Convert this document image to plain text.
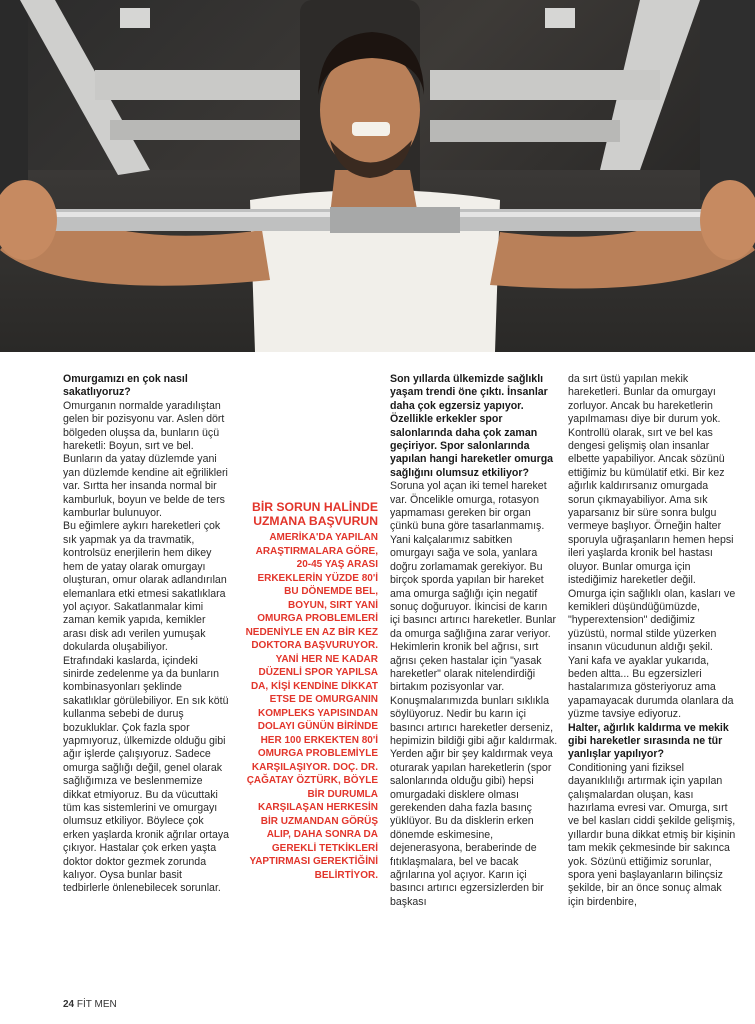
Omurgamızı en çok nasıl sakatlıyoruz?

Omurganın normalde yaradılıştan gelen bir pozisyonu var. Aslen dört bölgeden oluşsa da, bunların üçü hareketli: Boyun, sırt ve bel. Bunların da yatay düzlemde yani yan düzlemde kendine ait eğrilikleri var. Sırtta her insanda normal bir kamburluk, boyun ve belde de ters kamburlar bulunuyor.

Bu eğimlere aykırı hareketleri çok sık yapmak ya da travmatik, kontrolsüz enerjilerin hem dikey hem de yatay olarak omurgayı oluşturan, omur olarak adlandırılan elemanlara etki etmesi sakatlıklara yol açıyor. Sakatlanmalar kimi zaman kemik yapıda, kemikler arası disk adı verilen yumuşak dokularda oluşabiliyor.

Etrafındaki kaslarda, içindeki sinirde zedelenme ya da bunların kombinasyonları şeklinde sakatlıklar görülebiliyor. En sık kötü kullanma sebebi de duruş bozukluklar. Çok fazla spor yapmıyoruz, ülkemizde olduğu gibi ağır işlerde çalışıyoruz. Sadece omurga sağlığı değil, genel olarak sağlığımıza ve beslenmemize dikkat etmiyoruz. Bu da vücuttaki tüm kas sistemlerini ve omurgayı olumsuz etkiliyor. Böylece çok erken yaşlarda kronik ağrılar ortaya çıkıyor. Hastalar çok erken yaşta doktor doktor gezmek zorunda kalıyor. Oysa bunlar basit tedbirlerle önlenebilecek sorunlar.

BİR SORUN HALİNDE UZMANA BAŞVURUN
AMERİKA'DA YAPILAN ARAŞTIRMALARA GÖRE, 20-45 YAŞ ARASI ERKEKLERİN YÜZDE 80'İ BU DÖNEMDE BEL, BOYUN, SIRT YANİ OMURGA PROBLEMLERİ NEDENİYLE EN AZ BİR KEZ DOKTORA BAŞVURUYOR. YANİ HER NE KADAR DÜZENLİ SPOR YAPILSA DA, KİŞİ KENDİNE DİKKAT ETSE DE OMURGANIN KOMPLEKS YAPISINDAN DOLAYI GÜNÜN BİRİNDE HER 100 ERKEKTEN 80'İ OMURGA PROBLEMİYLE KARŞILAŞIYOR. DOÇ. DR. ÇAĞATAY ÖZTÜRK, BÖYLE BİR DURUMLA KARŞILAŞAN HERKESİN BİR UZMANDAN GÖRÜŞ ALIP, DAHA SONRA DA GEREKLİ TETKİKLERİ YAPTIRMASI GEREKTİĞİNİ BELİRTİYOR.
Son yıllarda ülkemizde sağlıklı yaşam trendi öne çıktı. İnsanlar daha çok egzersiz yapıyor. Özellikle erkekler spor salonlarında daha çok zaman geçiriyor. Spor salonlarında yapılan hangi hareketler omurga sağlığını olumsuz etkiliyor?

Soruna yol açan iki temel hareket var. Öncelikle omurga, rotasyon yapmaması gereken bir organ çünkü buna göre tasarlanmamış. Yani kalçalarımız sabitken omurgayı sağa ve sola, yanlara doğru zorlamamak gerekiyor. Bu birçok sporda yapılan bir hareket ama omurga sağlığı için negatif sonuç doğuruyor. İkincisi de karın içi basıncı artırıcı hareketler. Bunlar da omurga sağlığına zarar veriyor. Hekimlerin kronik bel ağrısı, sırt ağrısı çeken hastalar için "yasak hareketler" olarak nitelendirdiği birtakım pozisyonlar var. Konuşmalarımızda bunları sıklıkla söylüyoruz. Nedir bu karın içi basıncı artırıcı hareketler derseniz, hepimizin bildiği gibi ağır kaldırmak. Yerden ağır bir şey kaldırmak veya oturarak yapılan hareketlerin (spor salonlarında olduğu gibi) hepsi omurgadaki disklere olması gerekenden daha fazla basınç yüklüyor. Bu da disklerin erken dönemde eskimesine, dejenerasyona, beraberinde de fıtıklaşmalara, bel ve bacak ağrılarına yol açıyor. Karın içi basıncı artırıcı egzersizlerden bir başkası

da sırt üstü yapılan mekik hareketleri. Bunlar da omurgayı zorluyor. Ancak bu hareketlerin yapılmaması diye bir durum yok. Kontrollü olarak, sırt ve bel kas dengesi gelişmiş olan insanlar elbette yapabiliyor. Ancak sözünü ettiğimiz bu kümülatif etki. Bir kez ağırlık kaldırırsanız omurgada sorun çıkmayabiliyor. Ama sık yaparsanız bir süre sonra bulgu vermeye başlıyor. Örneğin halter sporuyla uğraşanların hemen hepsi ileri yaşlarda kronik bel hastası oluyor. Bunlar omurga için istediğimiz hareketler değil. Omurga için sağlıklı olan, kasları ve kemikleri düşündüğümüzde, "hyperextension" dediğimiz yüzüstü, normal stilde yüzerken insanın vücudunun aldığı şekil. Yani kafa ve ayaklar yukarıda, beden altta... Bu egzersizleri hastalarımıza gösteriyoruz ama yapamayacak durumda olanlara da yüzme tavsiye ediyoruz.

Halter, ağırlık kaldırma ve mekik gibi hareketler sırasında ne tür yanlışlar yapılıyor?

Conditioning yani fiziksel dayanıklılığı artırmak için yapılan çalışmalardan oluşan, kası hazırlama evresi var. Omurga, sırt ve bel kasları ciddi şekilde gelişmiş, yıllardır buna dikkat etmiş bir kişinin tam mekik çekmesinde bir sakınca yok. Sözünü ettiğimiz sorunlar, spora yeni başlayanların bilinçsiz şekilde, bir an önce sonuç almak için birdenbire,

24 FİT MEN
